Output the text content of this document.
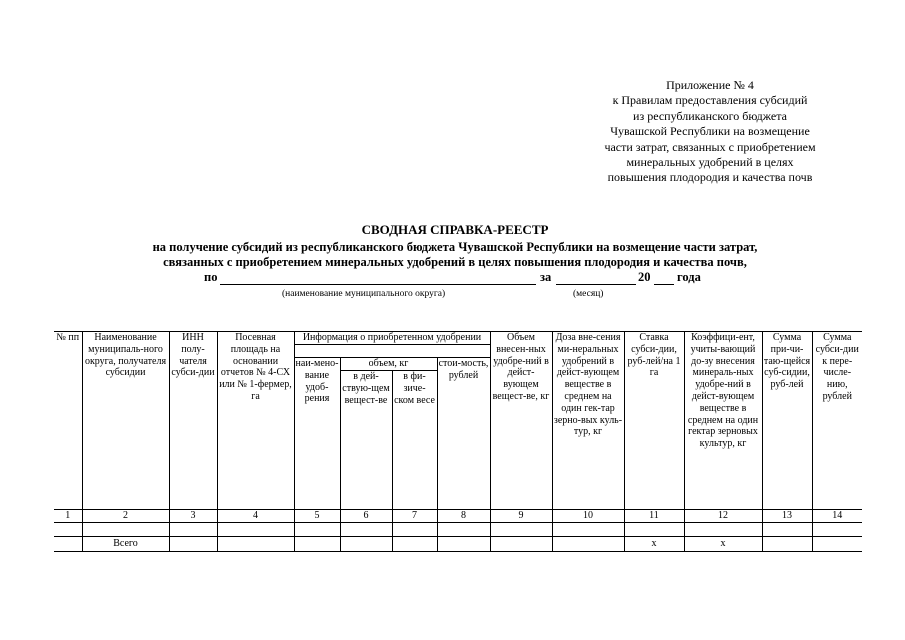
Приложение № 4
к Правилам предоставления субсидий
из республиканского бюджета
Чувашской Республики на возмещение
части затрат, связанных с приобретением
минеральных удобрений в целях
повышения плодородия и качества почв
СВОДНАЯ СПРАВКА-РЕЕСТР
на получение субсидий из республиканского бюджета Чувашской Республики на возмещение части затрат,
связанных с приобретением минеральных удобрений в целях повышения плодородия и качества почв,
по	за	20 года
(наименование муниципального округа)	(месяц)
№ пп	Наименование муниципаль-ного округа, получателя субсидии	ИНН полу-чателя субси-дии	Посевная площадь на основании отчетов № 4-СХ или № 1-фермер, га	Информация о приобретенном удобрении				Объем внесен-ных удобре-ний в дейст-вующем вещест-ве, кг	Доза вне-сения ми-неральных удобрений в дейст-вующем веществе в среднем на один гек-тар зерно-вых куль-тур, кг	Ставка субси-дии, руб-лей/на 1 га	Коэффици-ент, учиты-вающий до-зу внесения минераль-ных удобре-ний в дейст-вующем веществе в среднем на один гектар зерновых культур, кг	Сумма при-чи-таю-щейся суб-сидии, руб-лей	Сумма субси-дии к пере-числе-нию, рублей

				наи-мено-вание удоб-рения	объем, кг		стои-мость, рублей						
					в дей-ствую-щем вещест-ве	в фи-зиче-ском весе							
1	2	3	4	5	6	7	8	9	10	11	12	13	14

	Всего									х	х		
